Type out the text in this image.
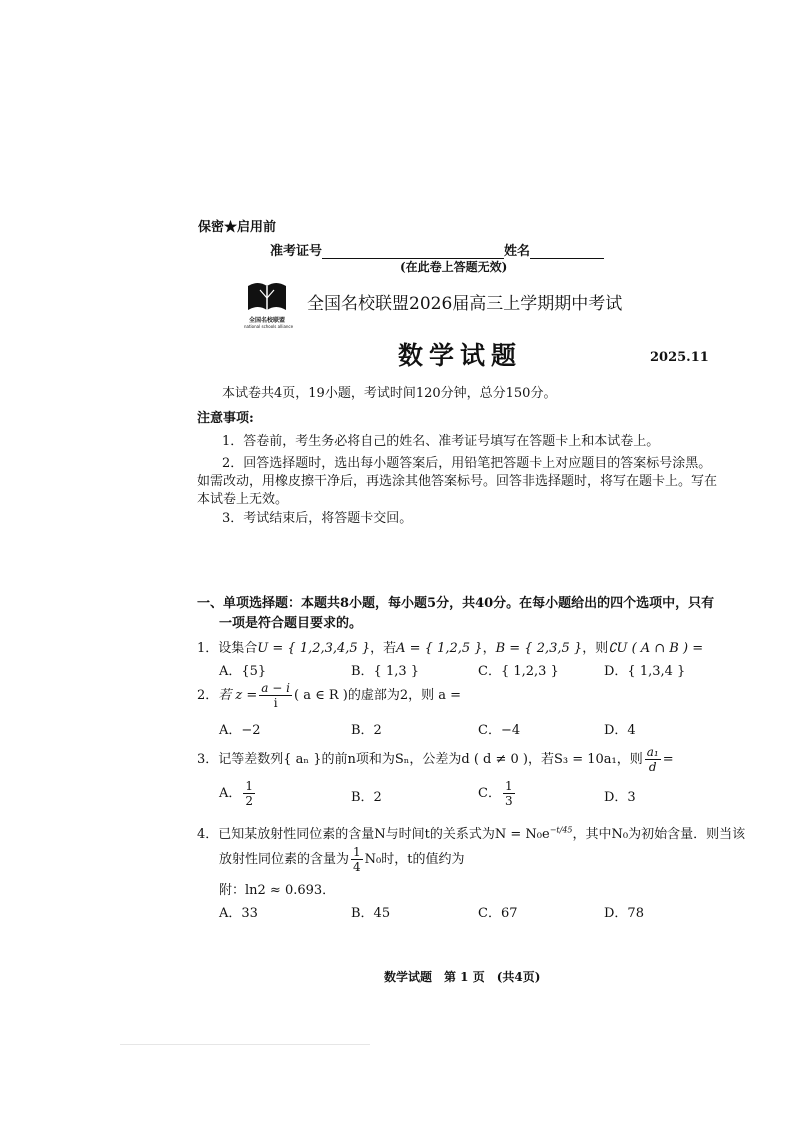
保密★启用前
准考证号	姓名
(在此卷上答题无效)
全国名校联盟
national schools alliance
全国名校联盟2026届高三上学期期中考试
数学试题	2025.11
本试卷共4页，19小题，考试时间120分钟，总分150分。
注意事项:
1．答卷前，考生务必将自己的姓名、准考证号填写在答题卡上和本试卷上。
2．回答选择题时，选出每小题答案后，用铅笔把答题卡上对应题目的答案标号涂黑。
如需改动，用橡皮擦干净后，再选涂其他答案标号。回答非选择题时，将写在题卡上。写在
本试卷上无效。
3．考试结束后，将答题卡交回。
一、单项选择题：本题共8小题，每小题5分，共40分。在每小题给出的四个选项中，只有
一项是符合题目要求的。
1．设集合U = { 1,2,3,4,5 }，若A = { 1,2,5 }，B = { 2,3,5 }，则∁U ( A ∩ B ) =
A．{5}	B．{ 1,3 }	C．{ 1,2,3 }	D．{ 1,3,4 }
2．若 $z = \frac{a - i}{i}$ ( a ∈ R )的虚部为2，则 a =
A．−2	B．2	C．−4	D．4
3．记等差数列{ aₙ }的前n项和为Sₙ，公差为d ( d ≠ 0 )，若S₃ = 10a₁，则 $\frac{\text{a₁}}{d}$ =
A． $\frac{1}{2}$	B．2	C． $\frac{1}{3}$	D．3
4．已知某放射性同位素的含量N与时间t的关系式为$N = N_0e^{-t/45}$，其中N₀为初始含量．则当该
放射性同位素的含量为 $\frac{1}{4} N_0$时，t的值约为
附：ln2 ≈ 0.693．
A．33	B．45	C．67	D．78
数学试题　第 1 页　(共4页)
